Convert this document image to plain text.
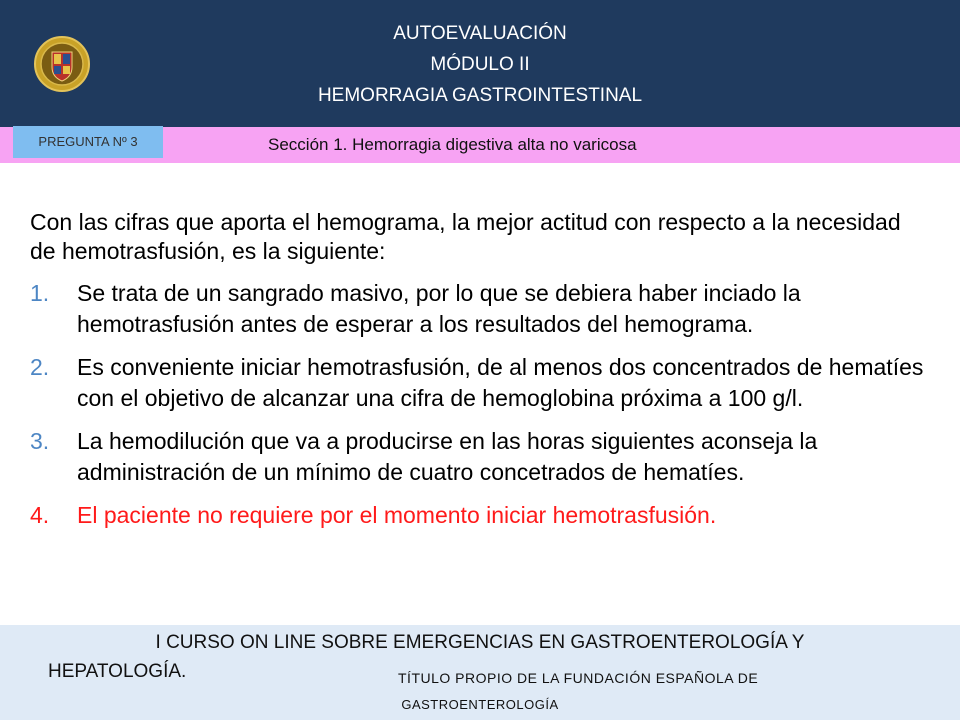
AUTOEVALUACIÓN
MÓDULO II
HEMORRAGIA GASTROINTESTINAL
PREGUNTA Nº 3	Sección 1. Hemorragia digestiva alta no varicosa

Con las cifras que aporta el hemograma, la mejor actitud con respecto a la necesidad de hemotrasfusión, es la siguiente:

1. Se trata de un sangrado masivo, por lo que se debiera haber inciado la hemotrasfusión antes de esperar a los resultados del hemograma.
2. Es conveniente iniciar hemotrasfusión, de al menos dos concentrados de hematíes con el objetivo de alcanzar una cifra de hemoglobina próxima a 100 g/l.
3. La hemodilución que va a producirse en las horas siguientes aconseja la administración de un mínimo de cuatro concetrados de hematíes.
4. El paciente no requiere por el momento iniciar hemotrasfusión.
I CURSO ON LINE SOBRE EMERGENCIAS EN GASTROENTEROLOGÍA Y
HEPATOLOGÍA.	TÍTULO PROPIO DE LA FUNDACIÓN ESPAÑOLA DE
GASTROENTEROLOGÍA
